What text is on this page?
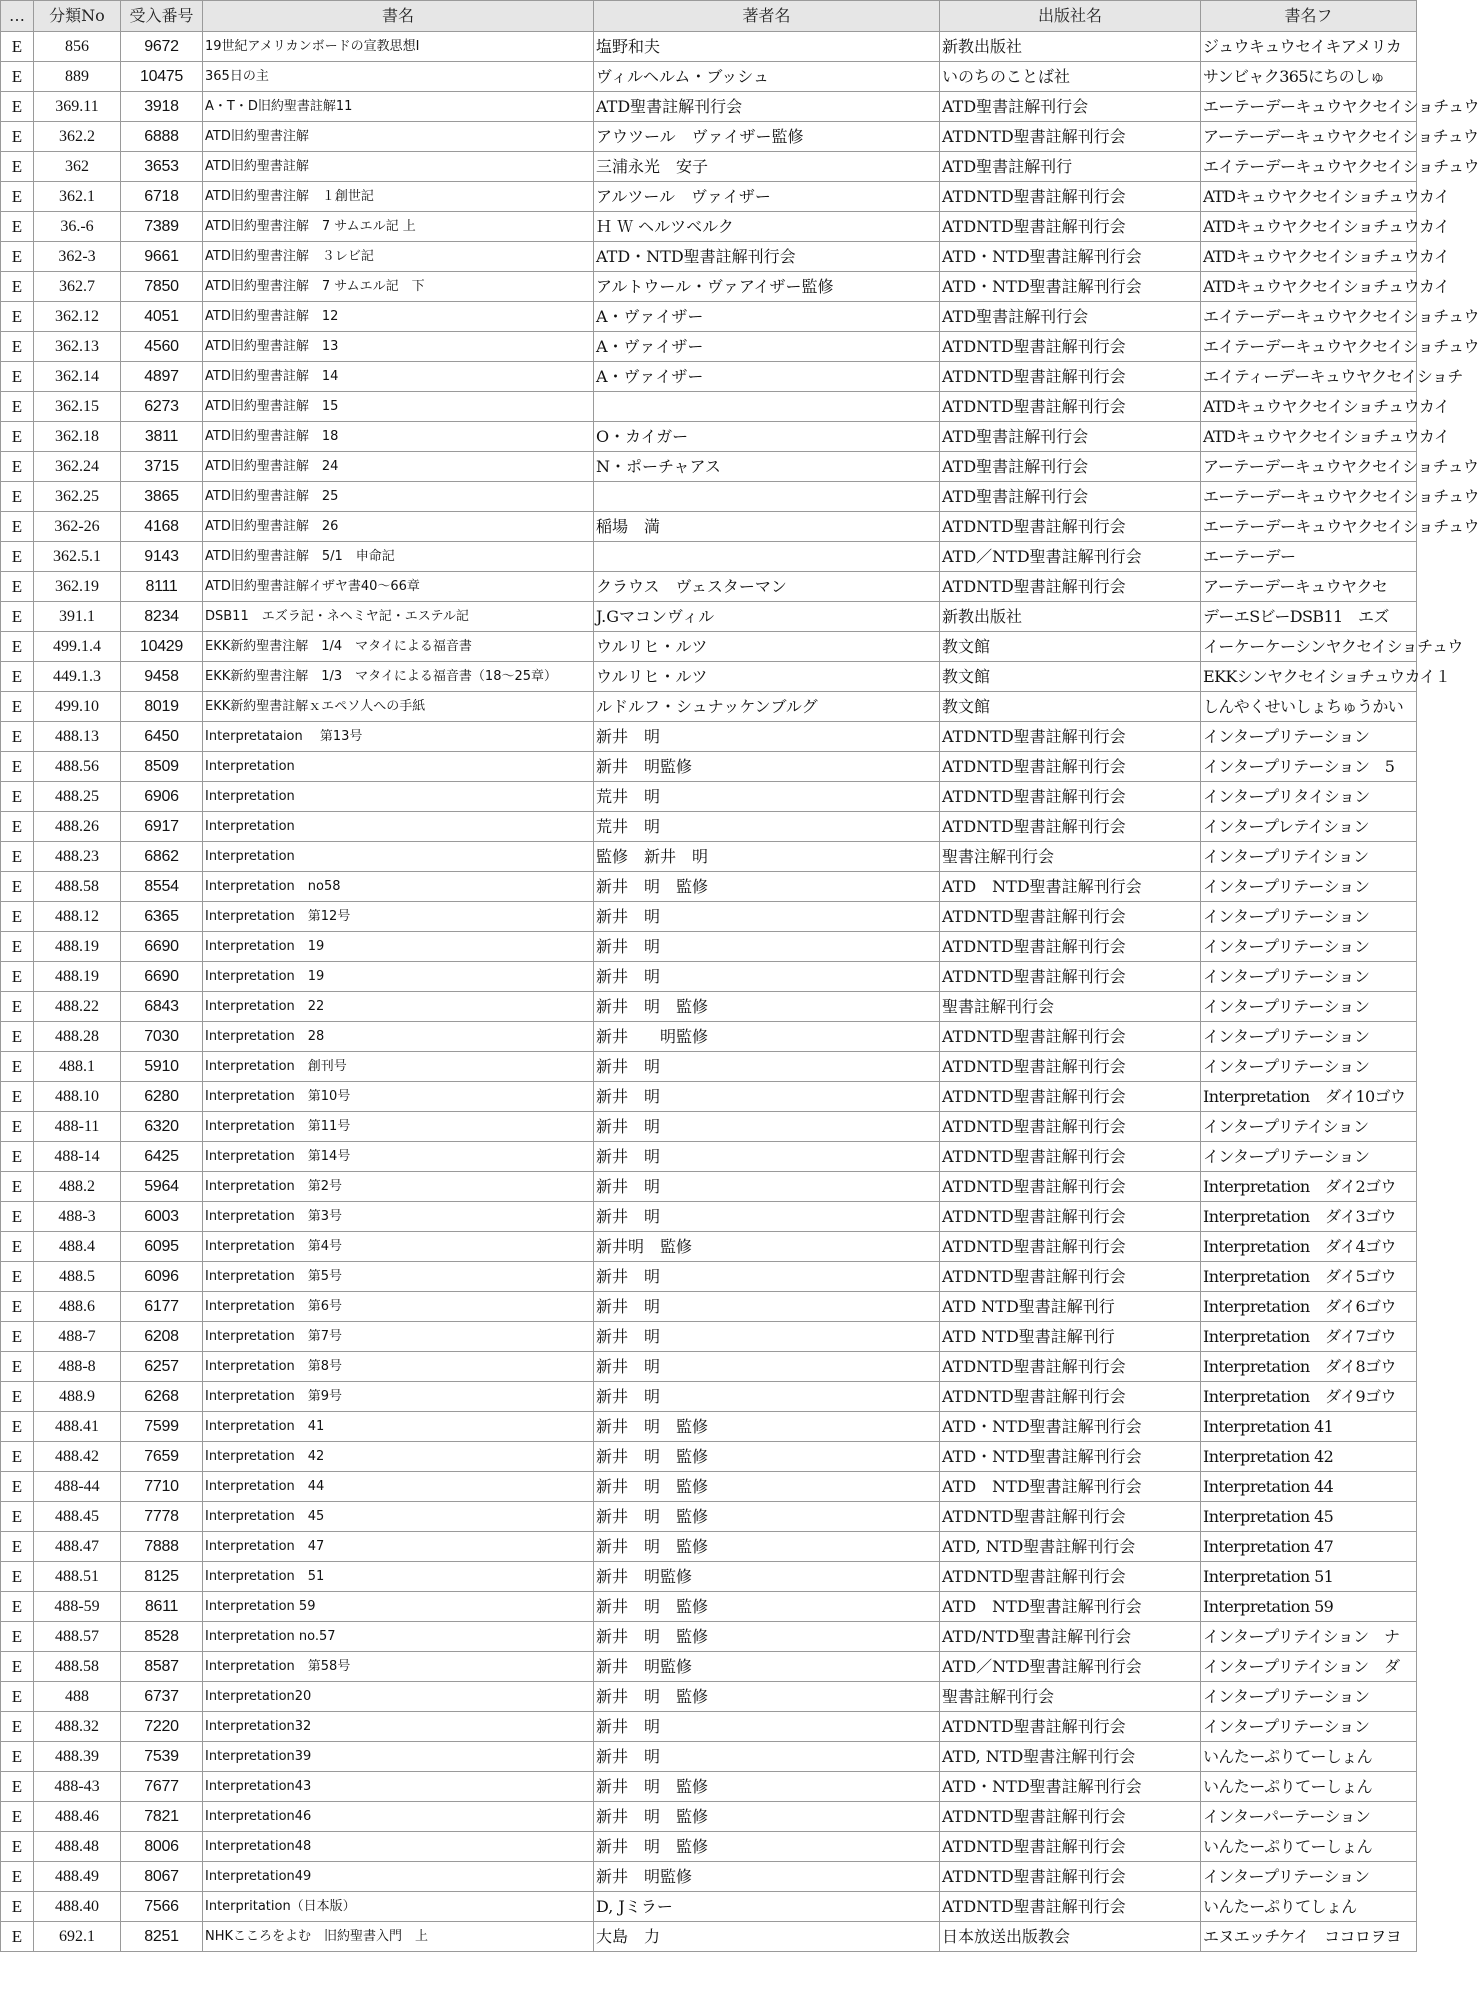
…	分類No	受入番号	書名	著者名	出版社名	書名フ
E	856	9672	19世紀アメリカンボードの宣教思想Ⅰ	塩野和夫	新教出版社	ジュウキュウセイキアメリカ
E	889	10475	365日の主	ヴィルヘルム・ブッシュ	いのちのことば社	サンビャク365にちのしゅ
E	369.11	3918	A・T・D旧約聖書註解11	ATD聖書註解刊行会	ATD聖書註解刊行会	エーテーデーキュウヤクセイショチュウ
E	362.2	6888	ATD旧約聖書注解	アウツール　ヴァイザー監修	ATDNTD聖書註解刊行会	アーテーデーキュウヤクセイショチュウ
E	362	3653	ATD旧約聖書註解	三浦永光　安子	ATD聖書註解刊行	エイテーデーキュウヤクセイショチュウ
E	362.1	6718	ATD旧約聖書注解　１創世記	アルツール　ヴァイザー	ATDNTD聖書註解刊行会	ATDキュウヤクセイショチュウカイ
E	36.-6	7389	ATD旧約聖書注解　7 サムエル記 上	Ｈ Ｗ ヘルツベルク	ATDNTD聖書註解刊行会	ATDキュウヤクセイショチュウカイ
E	362-3	9661	ATD旧約聖書注解　３レビ記	ATD・NTD聖書註解刊行会	ATD・NTD聖書註解刊行会	ATDキュウヤクセイショチュウカイ
E	362.7	7850	ATD旧約聖書注解　7 サムエル記　下	アルトウール・ヴァアイザー監修	ATD・NTD聖書註解刊行会	ATDキュウヤクセイショチュウカイ
E	362.12	4051	ATD旧約聖書註解　12	A・ヴァイザー	ATD聖書註解刊行会	エイテーデーキュウヤクセイショチュウ
E	362.13	4560	ATD旧約聖書註解　13	A・ヴァイザー	ATDNTD聖書註解刊行会	エイテーデーキュウヤクセイショチュウ
E	362.14	4897	ATD旧約聖書註解　14	A・ヴァイザー	ATDNTD聖書註解刊行会	エイティーデーキュウヤクセイショチ
E	362.15	6273	ATD旧約聖書註解　15		ATDNTD聖書註解刊行会	ATDキュウヤクセイショチュウカイ
E	362.18	3811	ATD旧約聖書註解　18	O・カイガー	ATD聖書註解刊行会	ATDキュウヤクセイショチュウカイ
E	362.24	3715	ATD旧約聖書註解　24	N・ポーチャアス	ATD聖書註解刊行会	アーテーデーキュウヤクセイショチュウ
E	362.25	3865	ATD旧約聖書註解　25		ATD聖書註解刊行会	エーテーデーキュウヤクセイショチュウ
E	362-26	4168	ATD旧約聖書註解　26	稲場　満	ATDNTD聖書註解刊行会	エーテーデーキュウヤクセイショチュウ
E	362.5.1	9143	ATD旧約聖書註解　5/1　申命記		ATD／NTD聖書註解刊行会	エーテーデー
E	362.19	8111	ATD旧約聖書註解イザヤ書40～66章	クラウス　ヴェスターマン	ATDNTD聖書註解刊行会	アーテーデーキュウヤクセ
E	391.1	8234	DSB11　エズラ記・ネヘミヤ記・エステル記	J.Gマコンヴィル	新教出版社	デーエSビーDSB11　エズ
E	499.1.4	10429	EKK新約聖書注解　1/4　マタイによる福音書	ウルリヒ・ルツ	教文館	イーケーケーシンヤクセイショチュウ
E	449.1.3	9458	EKK新約聖書注解　1/3　マタイによる福音書（18～25章）	ウルリヒ・ルツ	教文館	EKKシンヤクセイショチュウカイ１
E	499.10	8019	EKK新約聖書註解ｘエペソ人への手紙	ルドルフ・シュナッケンブルグ	教文館	しんやくせいしょちゅうかい
E	488.13	6450	Interpretataion　 第13号	新井　明	ATDNTD聖書註解刊行会	インタープリテーション
E	488.56	8509	Interpretation	新井　明監修	ATDNTD聖書註解刊行会	インタープリテーション　5
E	488.25	6906	Interpretation	荒井　明	ATDNTD聖書註解刊行会	インタープリタイション
E	488.26	6917	Interpretation	荒井　明	ATDNTD聖書註解刊行会	インタープレテイション
E	488.23	6862	Interpretation	監修　新井　明	聖書注解刊行会	インタープリテイション
E	488.58	8554	Interpretation　no58	新井　明　監修	ATD　NTD聖書註解刊行会	インタープリテーション
E	488.12	6365	Interpretation　第12号	新井　明	ATDNTD聖書註解刊行会	インタープリテーション
E	488.19	6690	Interpretation　19	新井　明	ATDNTD聖書註解刊行会	インタープリテーション
E	488.19	6690	Interpretation　19	新井　明	ATDNTD聖書註解刊行会	インタープリテーション
E	488.22	6843	Interpretation　22	新井　明　監修	聖書註解刊行会	インタープリテーション
E	488.28	7030	Interpretation　28	新井　　明監修	ATDNTD聖書註解刊行会	インタープリテーション
E	488.1	5910	Interpretation　創刊号	新井　明	ATDNTD聖書註解刊行会	インタープリテーション
E	488.10	6280	Interpretation　第10号	新井　明	ATDNTD聖書註解刊行会	Interpretation　ダイ10ゴウ
E	488-11	6320	Interpretation　第11号	新井　明	ATDNTD聖書註解刊行会	インタープリテイション
E	488-14	6425	Interpretation　第14号	新井　明	ATDNTD聖書註解刊行会	インタープリテーション
E	488.2	5964	Interpretation　第2号	新井　明	ATDNTD聖書註解刊行会	Interpretation　ダイ2ゴウ
E	488-3	6003	Interpretation　第3号	新井　明	ATDNTD聖書註解刊行会	Interpretation　ダイ3ゴウ
E	488.4	6095	Interpretation　第4号	新井明　監修	ATDNTD聖書註解刊行会	Interpretation　ダイ4ゴウ
E	488.5	6096	Interpretation　第5号	新井　明	ATDNTD聖書註解刊行会	Interpretation　ダイ5ゴウ
E	488.6	6177	Interpretation　第6号	新井　明	ATD NTD聖書註解刊行	Interpretation　ダイ6ゴウ
E	488-7	6208	Interpretation　第7号	新井　明	ATD NTD聖書註解刊行	Interpretation　ダイ7ゴウ
E	488-8	6257	Interpretation　第8号	新井　明	ATDNTD聖書註解刊行会	Interpretation　ダイ8ゴウ
E	488.9	6268	Interpretation　第9号	新井　明	ATDNTD聖書註解刊行会	Interpretation　ダイ9ゴウ
E	488.41	7599	Interpretation　41	新井　明　監修	ATD・NTD聖書註解刊行会	Interpretation 41
E	488.42	7659	Interpretation　42	新井　明　監修	ATD・NTD聖書註解刊行会	Interpretation 42
E	488-44	7710	Interpretation　44	新井　明　監修	ATD　NTD聖書註解刊行会	Interpretation 44
E	488.45	7778	Interpretation　45	新井　明　監修	ATDNTD聖書註解刊行会	Interpretation 45
E	488.47	7888	Interpretation　47	新井　明　監修	ATD, NTD聖書註解刊行会	Interpretation 47
E	488.51	8125	Interpretation　51	新井　明監修	ATDNTD聖書註解刊行会	Interpretation 51
E	488-59	8611	Interpretation 59	新井　明　監修	ATD　NTD聖書註解刊行会	Interpretation 59
E	488.57	8528	Interpretation no.57	新井　明　監修	ATD/NTD聖書註解刊行会	インタープリテイション　ナ
E	488.58	8587	Interpretation　第58号	新井　明監修	ATD／NTD聖書註解刊行会	インタープリテイション　ダ
E	488	6737	Interpretation20	新井　明　監修	聖書註解刊行会	インタープリテーション
E	488.32	7220	Interpretation32	新井　明	ATDNTD聖書註解刊行会	インタープリテーション
E	488.39	7539	Interpretation39	新井　明	ATD, NTD聖書注解刊行会	いんたーぷりてーしょん
E	488-43	7677	Interpretation43	新井　明　監修	ATD・NTD聖書註解刊行会	いんたーぷりてーしょん
E	488.46	7821	Interpretation46	新井　明　監修	ATDNTD聖書註解刊行会	インターパーテーション
E	488.48	8006	Interpretation48	新井　明　監修	ATDNTD聖書註解刊行会	いんたーぷりてーしょん
E	488.49	8067	Interpretation49	新井　明監修	ATDNTD聖書註解刊行会	インタープリテーション
E	488.40	7566	Interpritation（日本版）	D, Jミラー	ATDNTD聖書註解刊行会	いんたーぷりてしょん
E	692.1	8251	NHKこころをよむ　旧約聖書入門　上	大島　力	日本放送出版教会	エヌエッチケイ　ココロヲヨ
